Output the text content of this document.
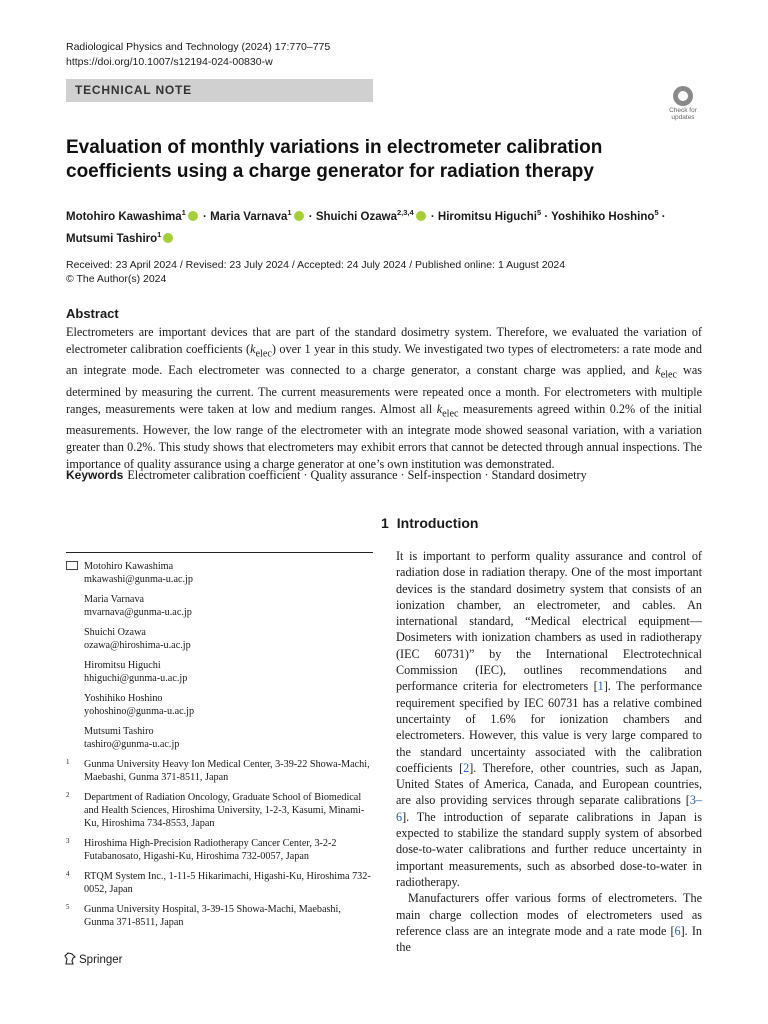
Radiological Physics and Technology (2024) 17:770–775
https://doi.org/10.1007/s12194-024-00830-w
TECHNICAL NOTE
Check for updates
Evaluation of monthly variations in electrometer calibration coefficients using a charge generator for radiation therapy
Motohiro Kawashima$^1$ · Maria Varnava$^1$ · Shuichi Ozawa$^{2,3,4}$ · Hiromitsu Higuchi$^5$ · Yoshihiko Hoshino$^5$ ·
Mutsumi Tashiro$^1$
Received: 23 April 2024 / Revised: 23 July 2024 / Accepted: 24 July 2024 / Published online: 1 August 2024
© The Author(s) 2024
Abstract
Electrometers are important devices that are part of the standard dosimetry system. Therefore, we evaluated the variation of electrometer calibration coefficients $(k_{elec})$ over 1 year in this study. We investigated two types of electrometers: a rate mode and an integrate mode. Each electrometer was connected to a charge generator, a constant charge was applied, and $k_{elec}$ was determined by measuring the current. The current measurements were repeated once a month. For electrometers with multiple ranges, measurements were taken at low and medium ranges. Almost all $k_{elec}$ measurements agreed within 0.2% of the initial measurements. However, the low range of the electrometer with an integrate mode showed seasonal variation, with a variation greater than 0.2%. This study shows that electrometers may exhibit errors that cannot be detected through annual inspections. The importance of quality assurance using a charge generator at one’s own institution was demonstrated.
Keywords Electrometer calibration coefficient · Quality assurance · Self-inspection · Standard dosimetry
1 Introduction
Motohiro Kawashima
mkawashi@gunma-u.ac.jp
Maria Varnava
mvarnava@gunma-u.ac.jp
Shuichi Ozawa
ozawa@hiroshima-u.ac.jp
Hiromitsu Higuchi
hhiguchi@gunma-u.ac.jp
Yoshihiko Hoshino
yohoshino@gunma-u.ac.jp
Mutsumi Tashiro
tashiro@gunma-u.ac.jp
1 Gunma University Heavy Ion Medical Center, 3-39-22 Showa-Machi, Maebashi, Gunma 371-8511, Japan
2 Department of Radiation Oncology, Graduate School of Biomedical and Health Sciences, Hiroshima University, 1-2-3, Kasumi, Minami-Ku, Hiroshima 734-8553, Japan
3 Hiroshima High-Precision Radiotherapy Cancer Center, 3-2-2 Futabanosato, Higashi-Ku, Hiroshima 732-0057, Japan
4 RTQM System Inc., 1-11-5 Hikarimachi, Higashi-Ku, Hiroshima 732-0052, Japan
5 Gunma University Hospital, 3-39-15 Showa-Machi, Maebashi, Gunma 371-8511, Japan

It is important to perform quality assurance and control of radiation dose in radiation therapy. One of the most important devices is the standard dosimetry system that consists of an ionization chamber, an electrometer, and cables. An international standard, “Medical electrical equipment—Dosimeters with ionization chambers as used in radiotherapy (IEC 60731)” by the International Electrotechnical Commission (IEC), outlines recommendations and performance criteria for electrometers [1]. The performance requirement specified by IEC 60731 has a relative combined uncertainty of 1.6% for ionization chambers and electrometers. However, this value is very large compared to the standard uncertainty associated with the calibration coefficients [2]. Therefore, other countries, such as Japan, United States of America, Canada, and European countries, are also providing services through separate calibrations [3–6]. The introduction of separate calibrations in Japan is expected to stabilize the standard supply system of absorbed dose-to-water calibrations and further reduce uncertainty in important measurements, such as absorbed dose-to-water in radiotherapy.

Manufacturers offer various forms of electrometers. The main charge collection modes of electrometers used as reference class are an integrate mode and a rate mode [6]. In the

Springer
